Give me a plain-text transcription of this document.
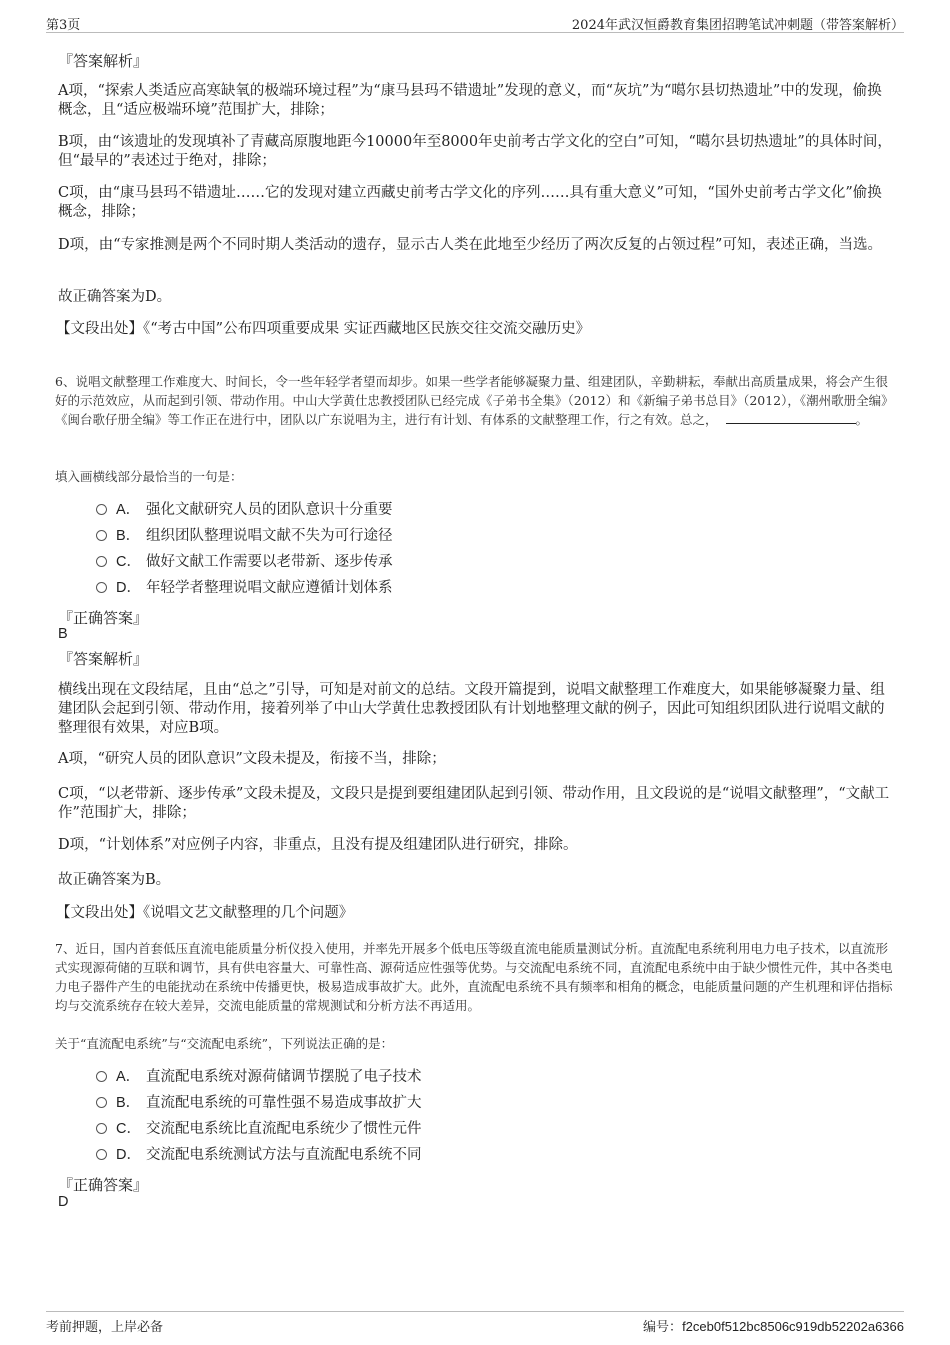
第3页	2024年武汉恒爵教育集团招聘笔试冲刺题（带答案解析）
『答案解析』
A项，“探索人类适应高寒缺氧的极端环境过程”为“康马县玛不错遗址”发现的意义，而“灰坑”为“噶尔县切热遗址”中的发现，偷换概念，且“适应极端环境”范围扩大，排除；
B项，由“该遗址的发现填补了青藏高原腹地距今10000年至8000年史前考古学文化的空白”可知，“噶尔县切热遗址”的具体时间，但“最早的”表述过于绝对，排除；
C项，由“康马县玛不错遗址……它的发现对建立西藏史前考古学文化的序列……具有重大意义”可知，“国外史前考古学文化”偷换概念，排除；
D项，由“专家推测是两个不同时期人类活动的遗存，显示古人类在此地至少经历了两次反复的占领过程”可知，表述正确，当选。
故正确答案为D。
【文段出处】《“考古中国”公布四项重要成果 实证西藏地区民族交往交流交融历史》
6、说唱文献整理工作难度大、时间长，令一些年轻学者望而却步。如果一些学者能够凝聚力量、组建团队，辛勤耕耘，奉献出高质量成果，将会产生很好的示范效应，从而起到引领、带动作用。中山大学黄仕忠教授团队已经完成《子弟书全集》（2012）和《新编子弟书总目》（2012），《潮州歌册全编》《闽台歌仔册全编》等工作正在进行中，团队以广东说唱为主，进行有计划、有体系的文献整理工作，行之有效。总之，	。
填入画横线部分最恰当的一句是：
A． 强化文献研究人员的团队意识十分重要
B． 组织团队整理说唱文献不失为可行途径
C． 做好文献工作需要以老带新、逐步传承
D． 年轻学者整理说唱文献应遵循计划体系
『正确答案』
B
『答案解析』
横线出现在文段结尾，且由“总之”引导，可知是对前文的总结。文段开篇提到，说唱文献整理工作难度大，如果能够凝聚力量、组建团队会起到引领、带动作用，接着列举了中山大学黄仕忠教授团队有计划地整理文献的例子，因此可知组织团队进行说唱文献的整理很有效果，对应B项。
A项，“研究人员的团队意识”文段未提及，衔接不当，排除；
C项，“以老带新、逐步传承”文段未提及，文段只是提到要组建团队起到引领、带动作用，且文段说的是“说唱文献整理”，“文献工作”范围扩大，排除；
D项，“计划体系”对应例子内容，非重点，且没有提及组建团队进行研究，排除。
故正确答案为B。
【文段出处】《说唱文艺文献整理的几个问题》
7、近日，国内首套低压直流电能质量分析仪投入使用，并率先开展多个低电压等级直流电能质量测试分析。直流配电系统利用电力电子技术，以直流形式实现源荷储的互联和调节，具有供电容量大、可靠性高、源荷适应性强等优势。与交流配电系统不同，直流配电系统中由于缺少惯性元件，其中各类电力电子器件产生的电能扰动在系统中传播更快，极易造成事故扩大。此外，直流配电系统不具有频率和相角的概念，电能质量问题的产生机理和评估指标均与交流系统存在较大差异，交流电能质量的常规测试和分析方法不再适用。
关于“直流配电系统”与“交流配电系统”，下列说法正确的是：
A． 直流配电系统对源荷储调节摆脱了电子技术
B． 直流配电系统的可靠性强不易造成事故扩大
C． 交流配电系统比直流配电系统少了惯性元件
D． 交流配电系统测试方法与直流配电系统不同
『正确答案』
D
考前押题，上岸必备	编号：f2ceb0f512bc8506c919db52202a6366
